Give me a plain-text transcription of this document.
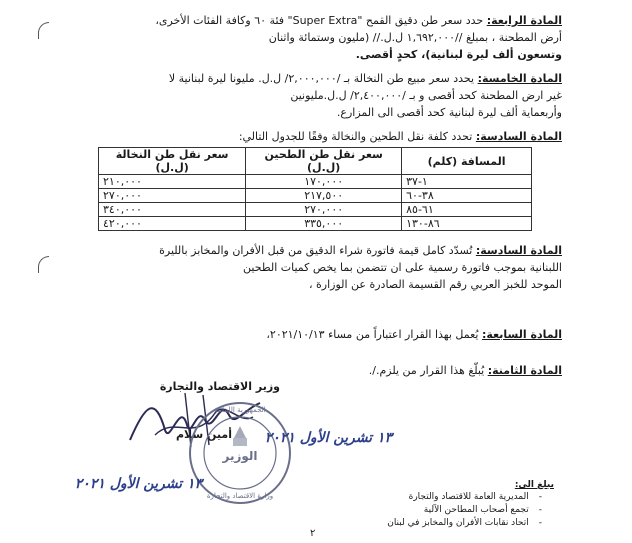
المادة الرابعة: حدد سعر طن دقيق القمح "Super Extra" فئة ٦٠ وكافة الفئات الأخرى،
أرض المطحنة ، بمبلغ //١,٦٩٢,٠٠٠ ل.ل.// (مليون وستمائة واثنان
وتسعون ألف ليرة لبنانية)، كحدٍ أقصى.
المادة الخامسة: يحدد سعر مبيع طن النخالة بـ /٢,٠٠٠,٠٠٠/ ل.ل. مليونا ليرة لبنانية لا
غير ارض المطحنة كحد أقصى و بـ /٢,٤٠٠,٠٠٠/ ل.ل.مليونين
وأربعماية ألف ليرة لبنانية كحد أقصى الى المزارع.
المادة السادسة: تحدد كلفة نقل الطحين والنخالة وفقًا للجدول التالي:
المسافة (كلم)	سعر نقل طن الطحين (ل.ل)	سعر نقل طن النخالة (ل.ل)
١-٣٧	١٧٠,٠٠٠	٢١٠,٠٠٠
٣٨-٦٠	٢١٧,٥٠٠	٢٧٠,٠٠٠
٦١-٨٥	٢٧٠,٠٠٠	٣٤٠,٠٠٠
٨٦-١٣٠	٣٣٥,٠٠٠	٤٢٠,٠٠٠
المادة السادسة: تُسدّد كامل قيمة فاتورة شراء الدقيق من قبل الأفران والمخابز بالليرة
اللبنانية بموجب فاتورة رسمية على ان تتضمن بما يخص كميات الطحين
الموحد للخبز العربي رقم القسيمة الصادرة عن الوزارة ،
المادة السابعة: يُعمل بهذا القرار اعتباراً من مساء ٢٠٢١/١٠/١٣،
المادة الثامنة: يُبلّغ هذا القرار من يلزم./.
وزير الاقتصاد والتجارة
أمين سلام
الوزير
الجمهورية اللبنانية
وزارة الاقتصاد والتجارة
١٣ تشرين الأول ٢٠٢١
١٣ تشرين الأول ٢٠٢١	يبلغ الى:
-المديرية العامة للاقتصاد والتجارة
-تجمع أصحاب المطاحن الآلية
-اتحاد نقابات الأفران والمخابز في لبنان
٢
